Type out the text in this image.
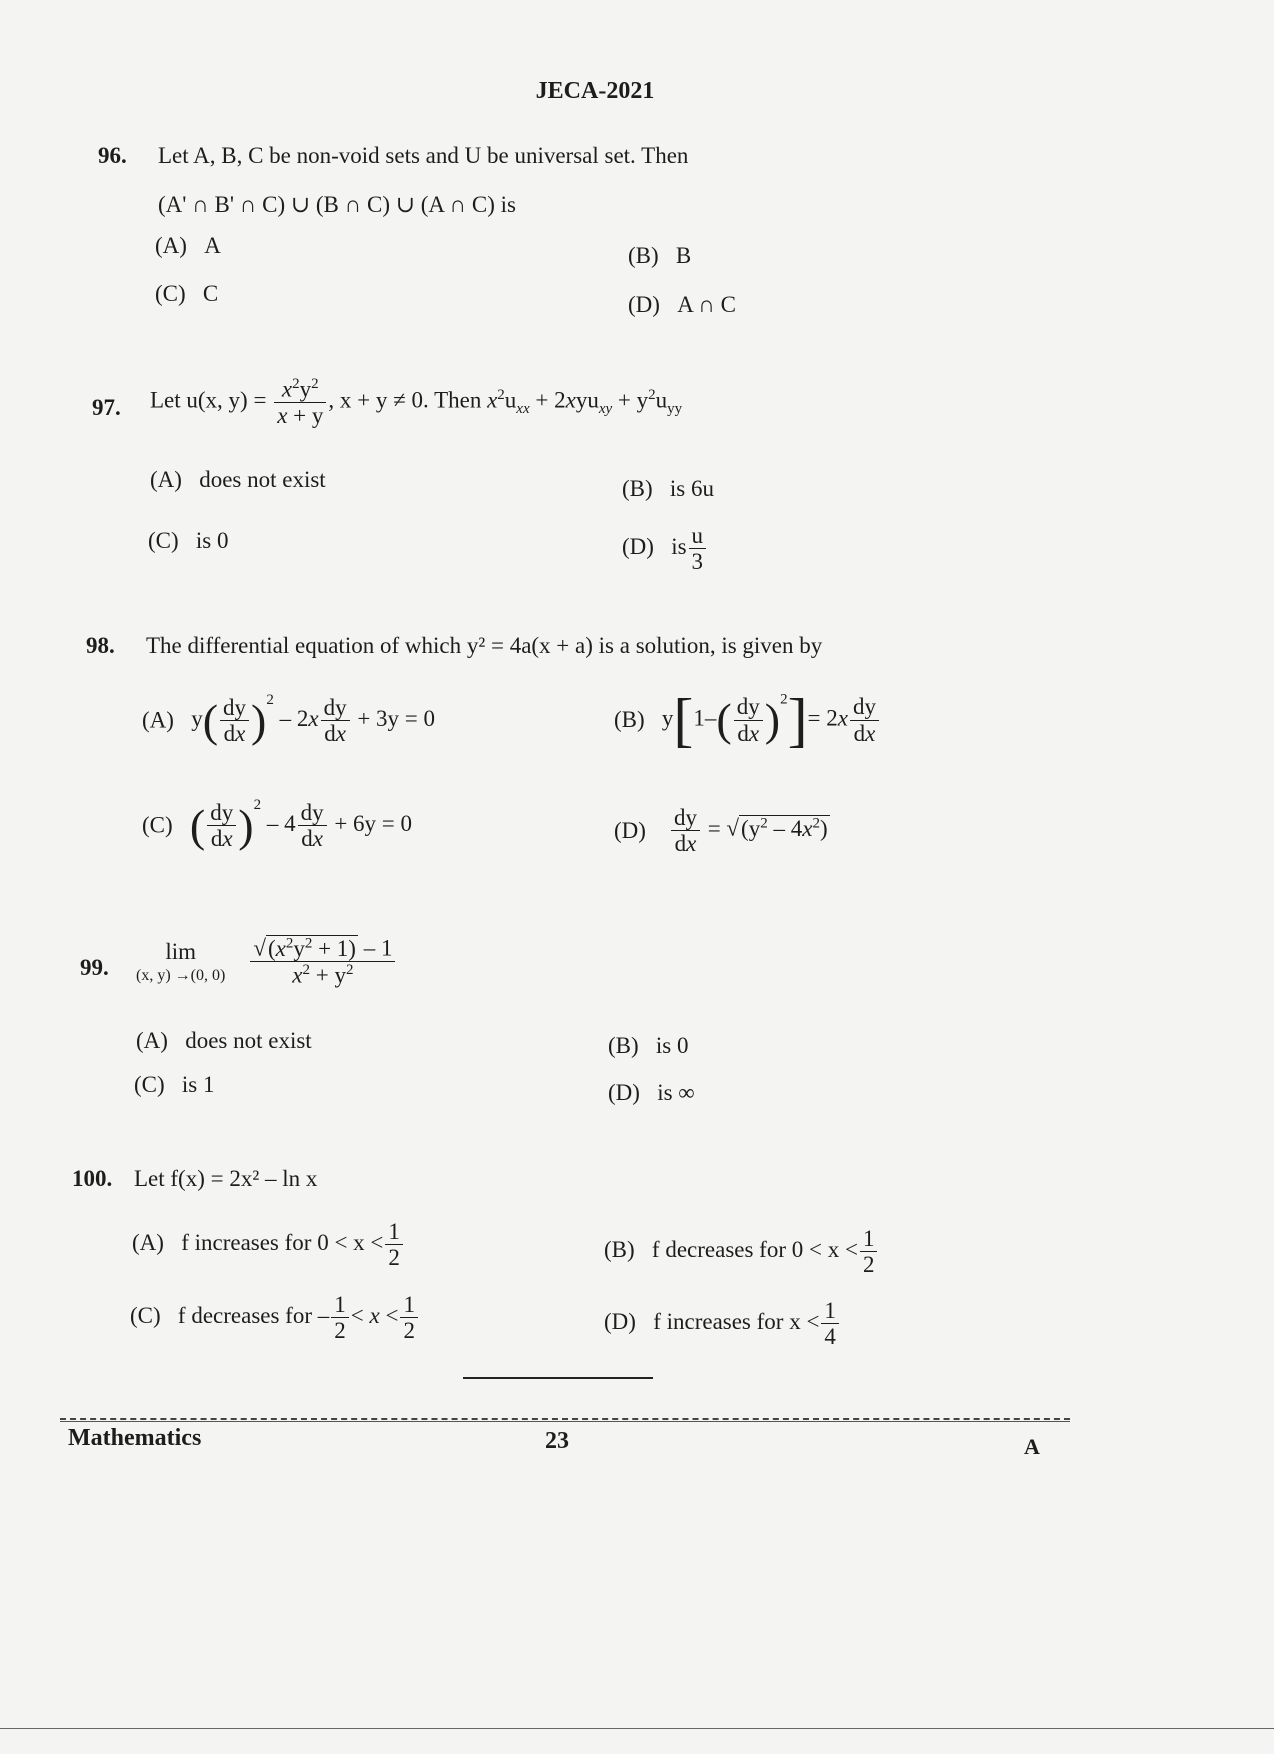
JECA-2021
96. Let A, B, C be non-void sets and U be universal set. Then
(A' ∩ B' ∩ C) ∪ (B ∩ C) ∪ (A ∩ C) is
(A) A	(B) B
(C) C	(D) A ∩ C
97. Let u(x, $y) = \frac{x^2y^2}{x + y}$ , x + y ≠ 0. Then $x^2u_{xx} + 2xyu_{xy} + y^2u_{yy}$
(A) does not exist	(B) is 6u
(C) is 0	(D) is $\frac{u}{3}$
98. The differential equation of which y² = 4a(x + a) is a solution, is given by
(A)   $y( \frac{dy}{dx} )^2 - 2x \frac{dy}{dx} + 3y = 0$	(B)   $y[1-( \frac{dy}{dx} )^2]= 2x \frac{dy}{dx}$
(C) ( $\frac{dy}{dx} )^2 - 4 \frac{dy}{dx} + 6y = 0$	$(D) \frac{dy}{dx} = √(y^2 - 4x^2)$
99.
lim
(x, y) →(0, 0)
$\frac{√(x^2y^2 + 1) - 1}{x^2 + y^2}$
(A) does not exist	(B) is 0
(C) is 1	(D) is ∞
100. Let f(x) = 2x² – ln x
(A) f increases for $0 < x < \frac{1}{2}$	(B) f decreases for $0 < x < \frac{1}{2}$
(C) f decreases for – $\frac{1}{2} < x < \frac{1}{2}$	(D) f increases for $x < \frac{1}{4}$
Mathematics	23	A
